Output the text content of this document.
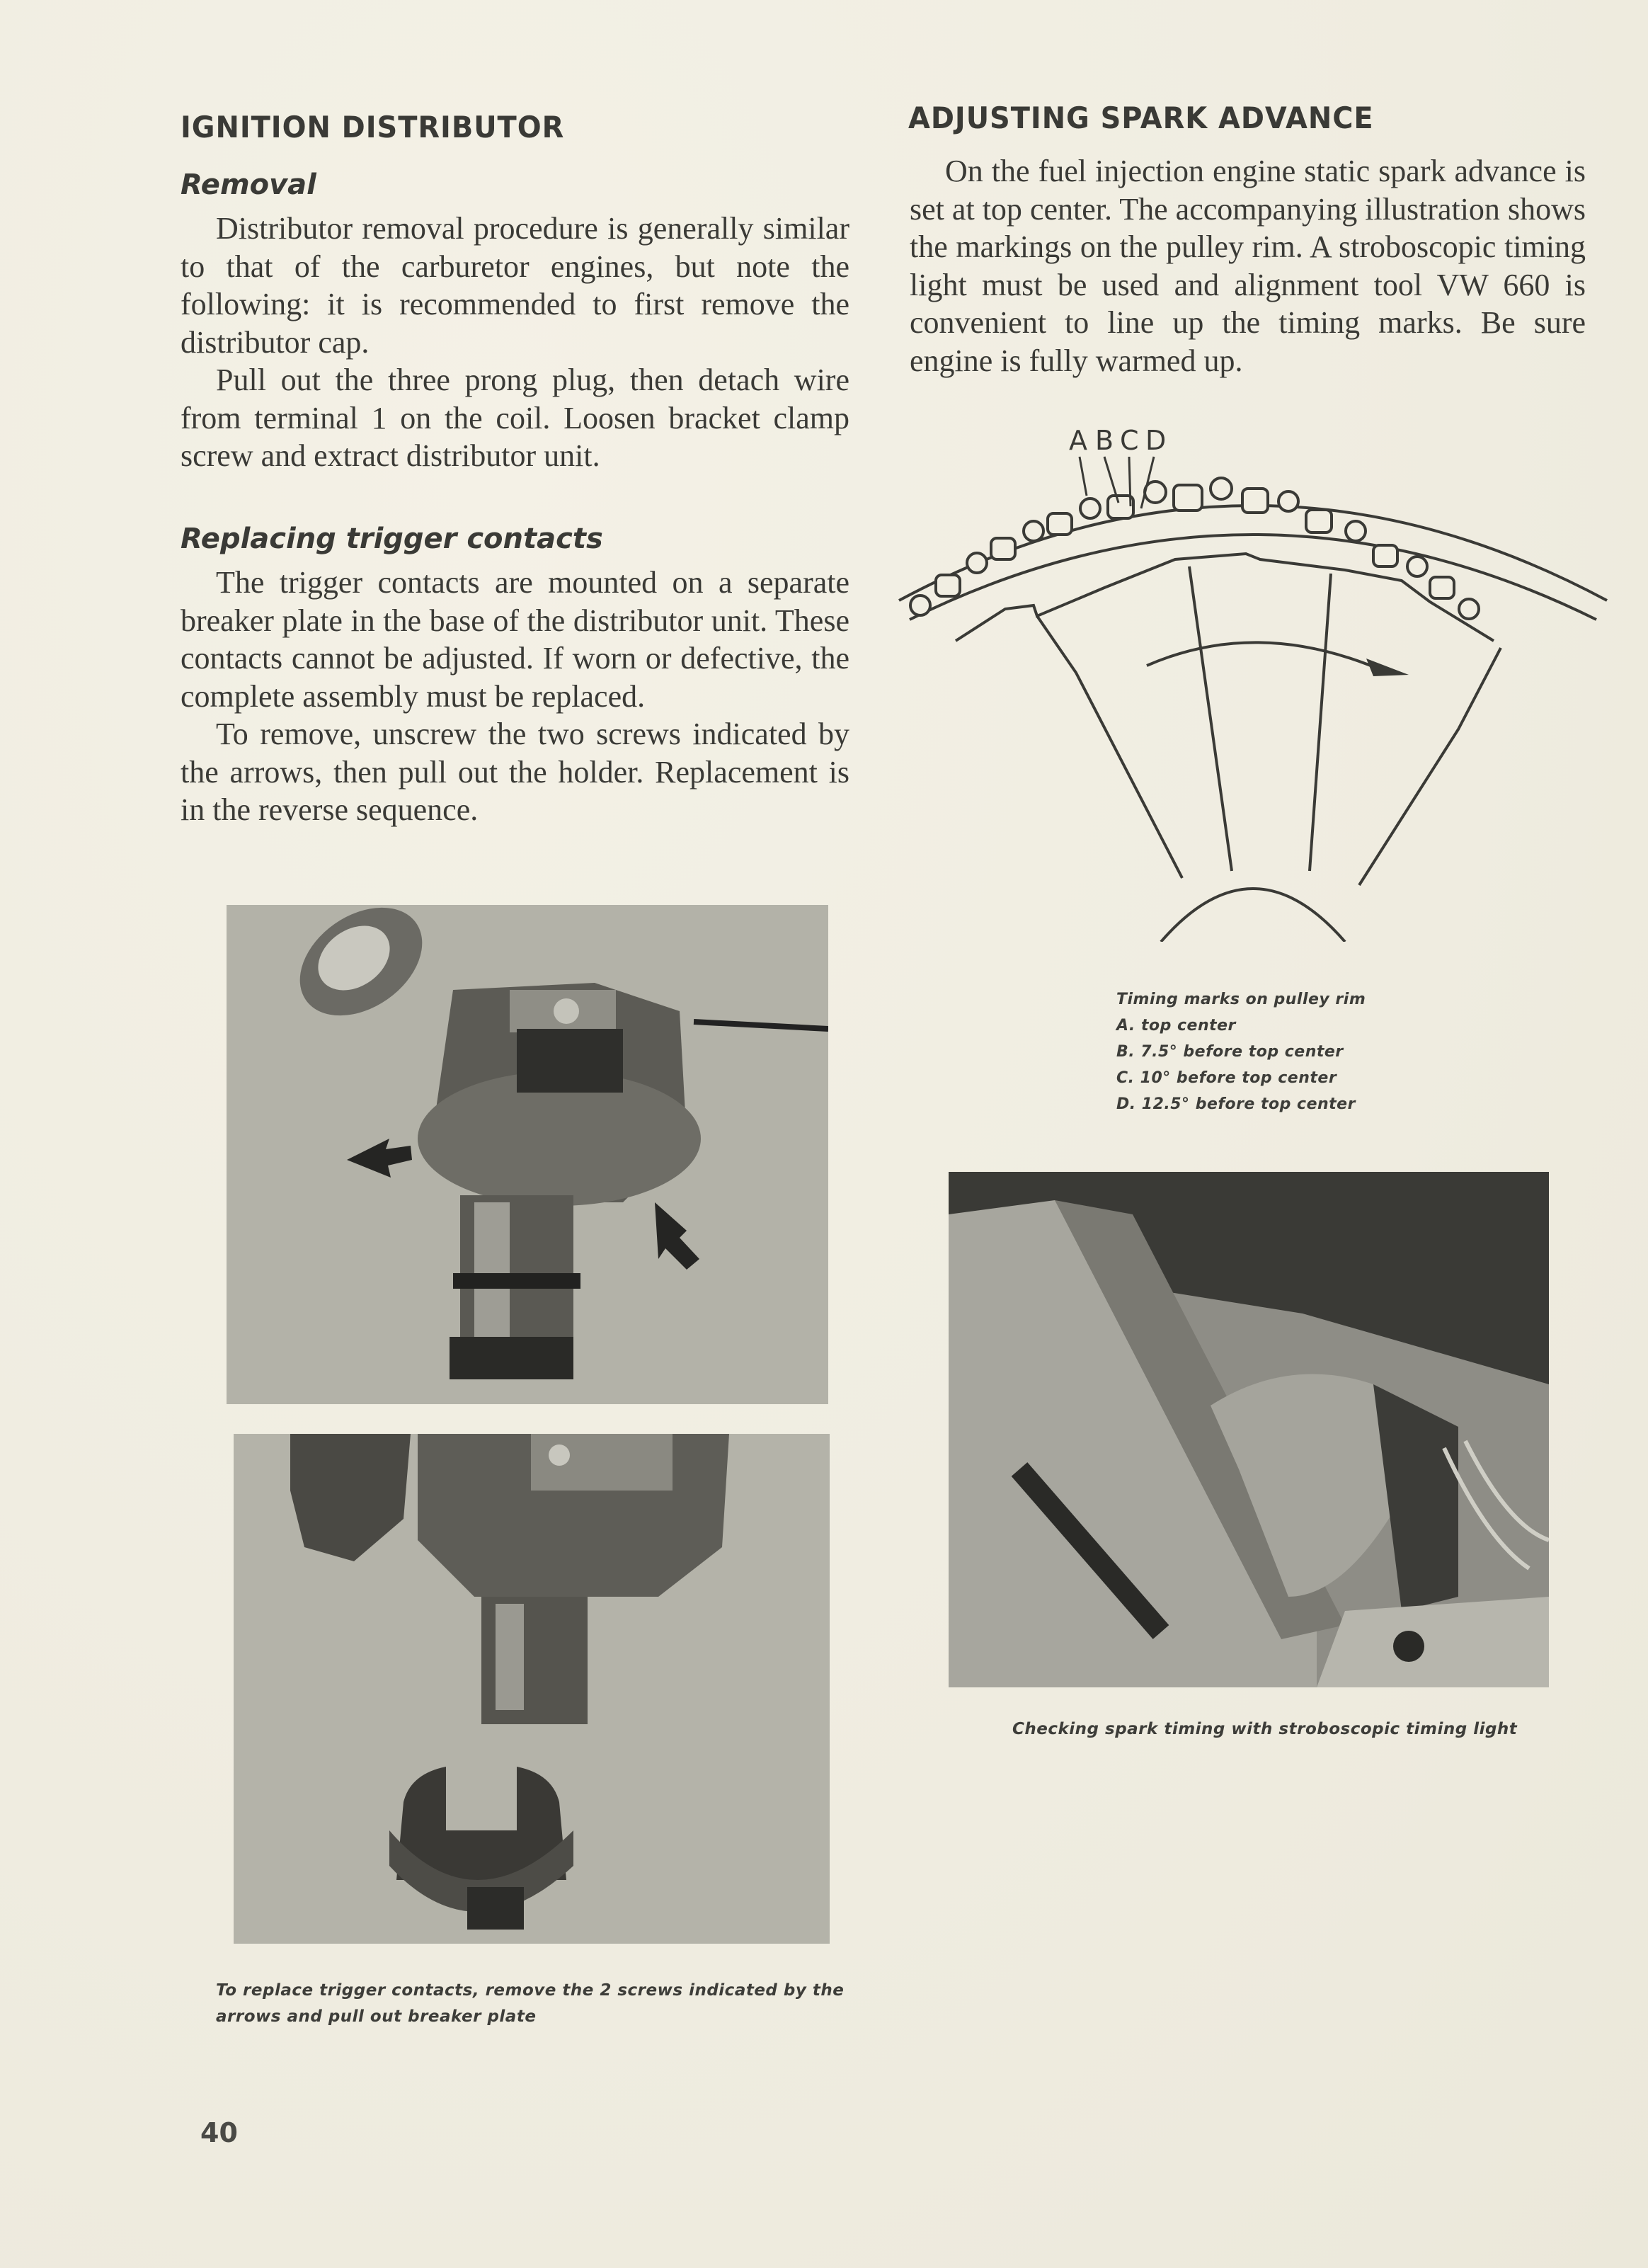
IGNITION DISTRIBUTOR
Removal

Distributor removal procedure is generally similar to that of the carburetor engines, but note the following: it is recommended to first remove the distributor cap.

Pull out the three prong plug, then detach wire from terminal 1 on the coil. Loosen bracket clamp screw and extract distributor unit.

Replacing trigger contacts

The trigger contacts are mounted on a separate breaker plate in the base of the distributor unit. These contacts cannot be adjusted. If worn or defective, the complete assembly must be replaced.

To remove, unscrew the two screws indicated by the arrows, then pull out the holder. Replacement is in the reverse sequence.

To replace trigger contacts, remove the 2 screws indicated by the arrows and pull out breaker plate
ADJUSTING SPARK ADVANCE

On the fuel injection engine static spark advance is set at top center. The accompanying illustration shows the markings on the pulley rim. A stroboscopic timing light must be used and alignment tool VW 660 is convenient to line up the timing marks. Be sure engine is fully warmed up.

A B C D
Timing marks on pulley rim
A. top center
B. 7.5° before top center
C. 10° before top center
D. 12.5° before top center
Checking spark timing with stroboscopic timing light
40
